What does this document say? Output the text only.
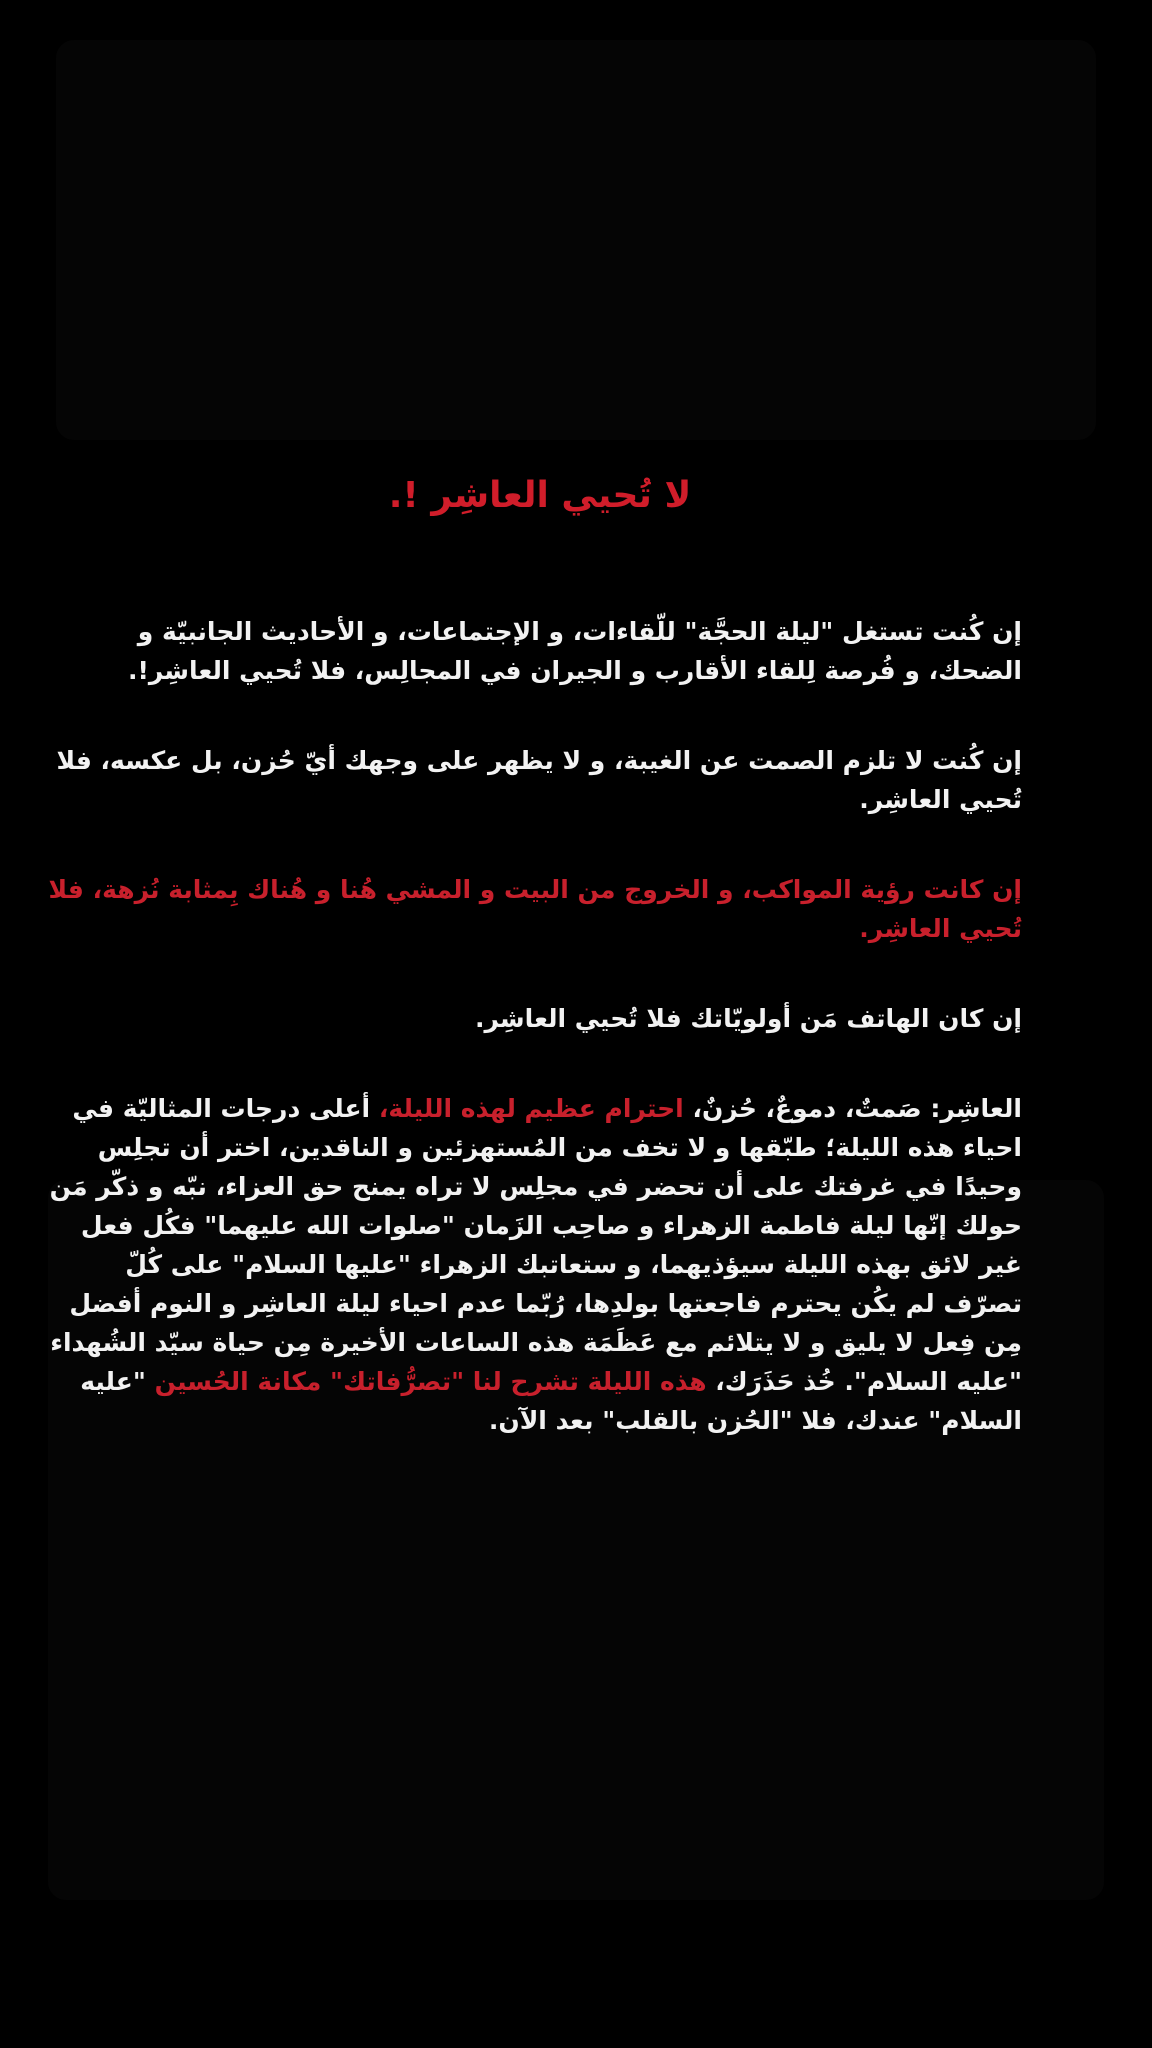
لا تُحيي العاشِر !.

إن كُنت تستغل "ليلة الحجَّة" للّقاءات، و الإجتماعات، و الأحاديث الجانبيّة و الضحك، و فُرصة لِلقاء الأقارب و الجيران في المجالِس، فلا تُحيي العاشِر!.

إن كُنت لا تلزم الصمت عن الغيبة، و لا يظهر على وجهك أيّ حُزن، بل عكسه، فلا تُحيي العاشِر.

إن كانت رؤية المواكب، و الخروج من البيت و المشي هُنا و هُناك بِمثابة نُزهة، فلا تُحيي العاشِر.

إن كان الهاتف مَن أولويّاتك فلا تُحيي العاشِر.

العاشِر: صَمتٌ، دموعٌ، حُزنٌ، احترام عظيم لهذه الليلة، أعلى درجات المثاليّة في احياء هذه الليلة؛ طبّقها و لا تخف من المُستهزئين و الناقدين، اختر أن تجلِس وحيدًا في غرفتك على أن تحضر في مجلِس لا تراه يمنح حق العزاء، نبّه و ذكّر مَن حولك إنّها ليلة فاطمة الزهراء و صاحِب الزَمان "صلوات الله عليهما" فكُل فعل غير لائق بهذه الليلة سيؤذيهما، و ستعاتبك الزهراء "عليها السلام" على كُلّ تصرّف لم يكُن يحترم فاجعتها بولدِها، رُبّما عدم احياء ليلة العاشِر و النوم أفضل مِن فِعل لا يليق و لا يتلائم مع عَظَمَة هذه الساعات الأخيرة مِن حياة سيّد الشُهداء "عليه السلام". خُذ حَذَرَك، هذه الليلة تشرح لنا "تصرُّفاتك" مكانة الحُسين "عليه السلام" عندك، فلا "الحُزن بالقلب" بعد الآن.
